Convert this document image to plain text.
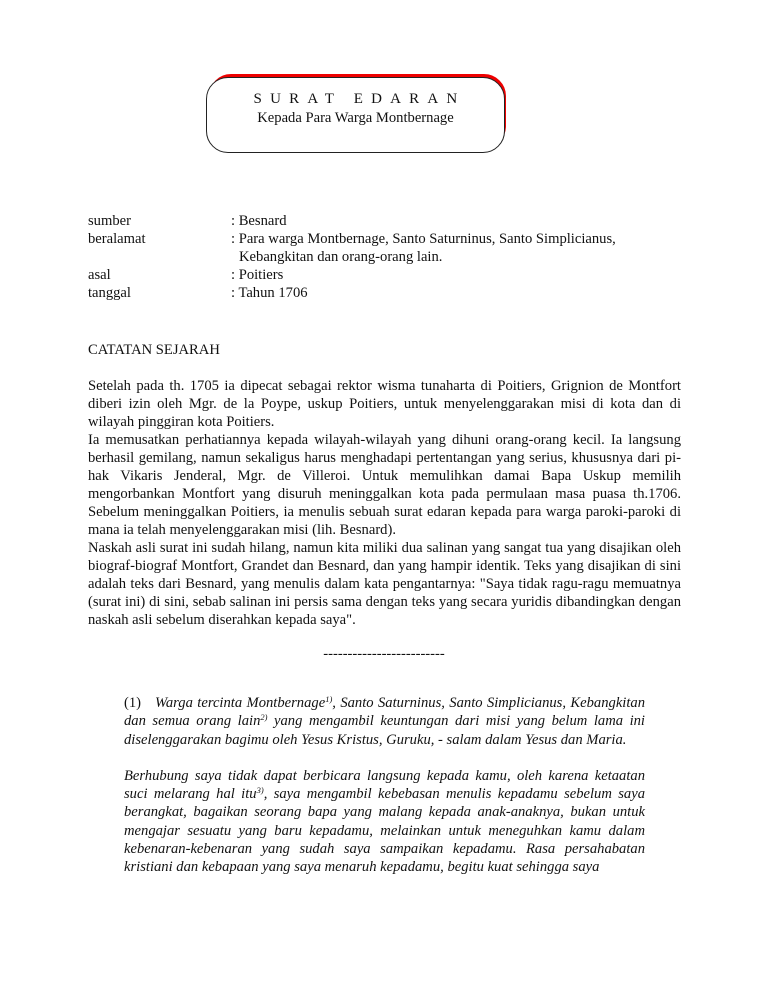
SURAT EDARAN
Kepada Para Warga Montbernage
sumber	: Besnard
beralamat	: Para warga Montbernage, Santo Saturninus, Santo Simplicianus,
Kebangkitan dan orang-orang lain.
asal	: Poitiers
tanggal	: Tahun 1706
CATATAN SEJARAH

Setelah pada th. 1705 ia dipecat sebagai rektor wisma tunaharta di Poitiers, Grignion de Montfort diberi izin oleh Mgr. de la Poype, uskup Poitiers, untuk menyelenggarakan misi di kota dan di wilayah pinggiran kota Poitiers.

Ia memusatkan perhatiannya kepada wilayah-wilayah yang dihuni orang-orang kecil. Ia langsung berhasil gemilang, namun sekaligus harus menghadapi pertentangan yang serius, khususnya dari pi-hak Vikaris Jenderal, Mgr. de Villeroi. Untuk memulihkan damai Bapa Uskup memilih mengorbankan Montfort yang disuruh meninggalkan kota pada permulaan masa puasa th.1706. Sebelum meninggalkan Poitiers, ia menulis sebuah surat edaran kepada para warga paroki-paroki di mana ia telah menyelenggarakan misi (lih. Besnard).

Naskah asli surat ini sudah hilang, namun kita miliki dua salinan yang sangat tua yang disajikan oleh biograf-biograf Montfort, Grandet dan Besnard, dan yang hampir identik. Teks yang disajikan di sini adalah teks dari Besnard, yang menulis dalam kata pengantarnya: "Saya tidak ragu-ragu memuatnya (surat ini) di sini, sebab salinan ini persis sama dengan teks yang secara yuridis dibandingkan dengan naskah asli sebelum diserahkan kepada saya".

-------------------------

(1) Warga tercinta Montbernage$^{1)}$, Santo Saturninus, Santo Simplicianus, Kebangkitan dan semua orang lain$^{2)}$ yang mengambil keuntungan dari misi yang belum lama ini diselenggarakan bagimu oleh Yesus Kristus, Guruku, - salam dalam Yesus dan Maria.

Berhubung saya tidak dapat berbicara langsung kepada kamu, oleh karena ketaatan suci melarang hal itu$^{3)}$, saya mengambil kebebasan menulis kepadamu sebelum saya berangkat, bagaikan seorang bapa yang malang kepada anak-anaknya, bukan untuk mengajar sesuatu yang baru kepadamu, melainkan untuk meneguhkan kamu dalam kebenaran-kebenaran yang sudah saya sampaikan kepadamu. Rasa persahabatan kristiani dan kebapaan yang saya menaruh kepadamu, begitu kuat sehingga saya
